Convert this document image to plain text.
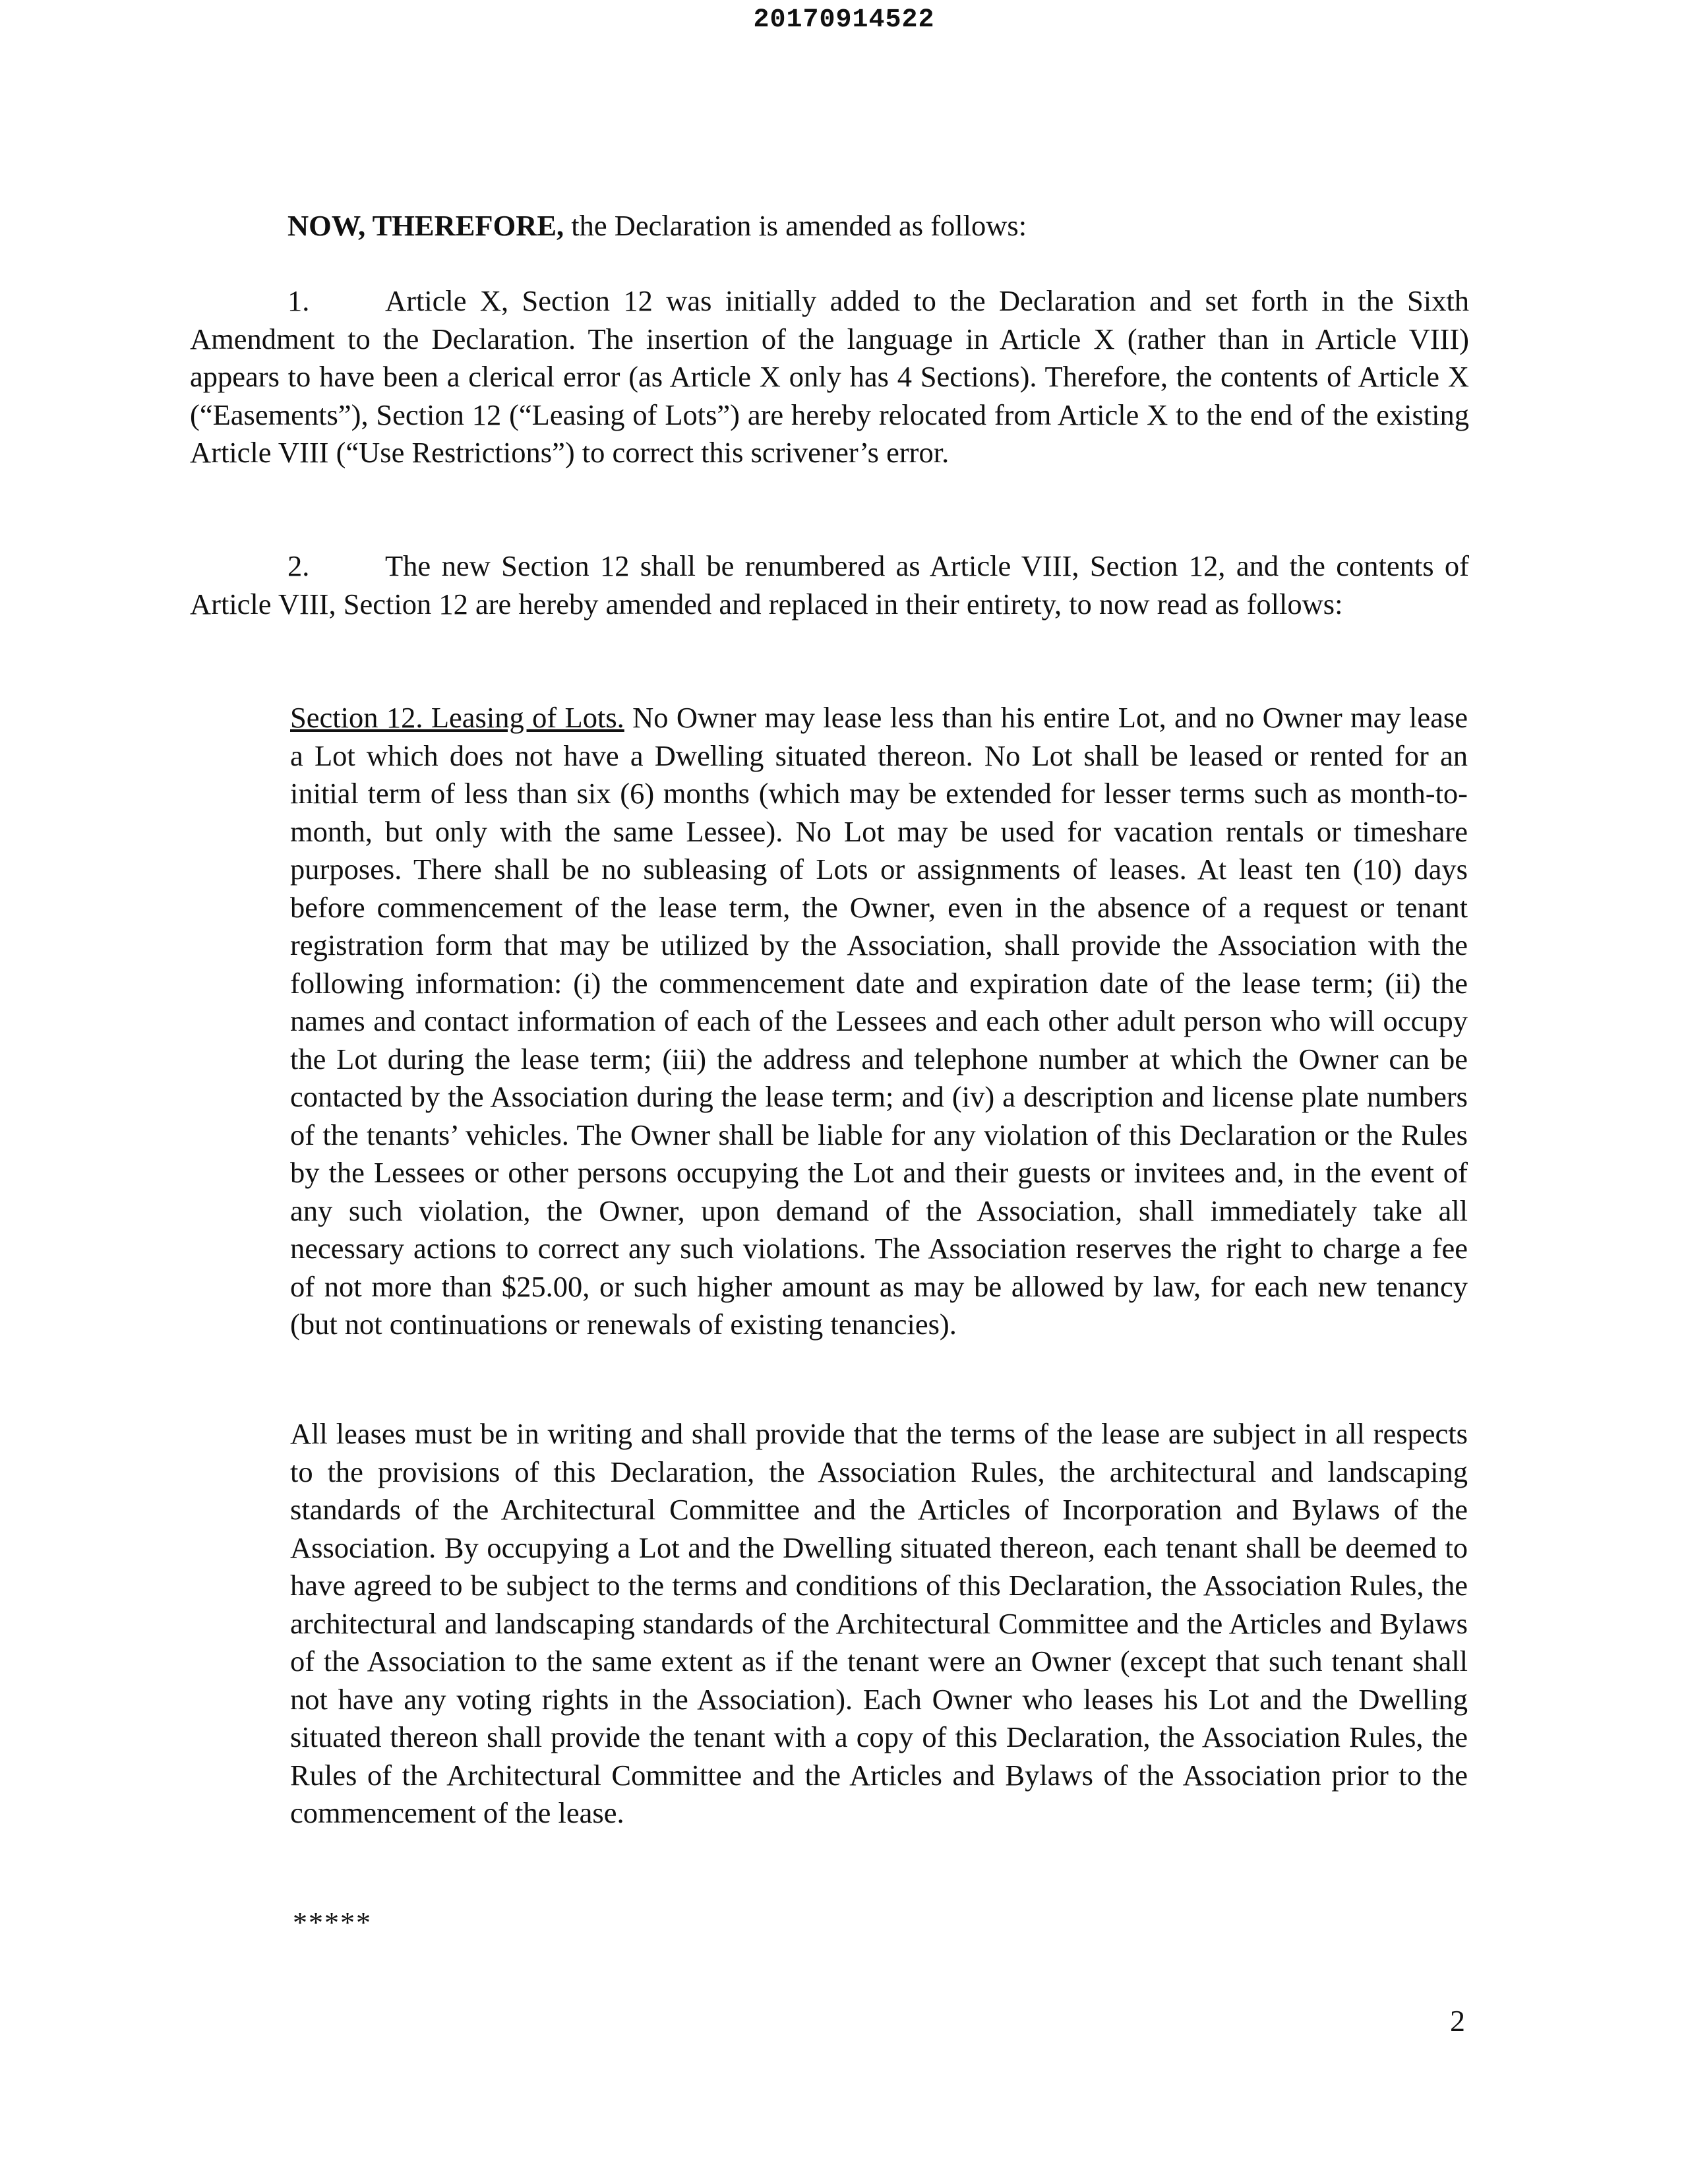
20170914522

NOW, THEREFORE, the Declaration is amended as follows:

1.	Article X, Section 12 was initially added to the Declaration and set forth in the Sixth Amendment to the Declaration. The insertion of the language in Article X (rather than in Article VIII) appears to have been a clerical error (as Article X only has 4 Sections). Therefore, the contents of Article X (“Easements”), Section 12 (“Leasing of Lots”) are hereby relocated from Article X to the end of the existing Article VIII (“Use Restrictions”) to correct this scrivener’s error.

2.	The new Section 12 shall be renumbered as Article VIII, Section 12, and the contents of Article VIII, Section 12 are hereby amended and replaced in their entirety, to now read as follows:

Section 12. Leasing of Lots. No Owner may lease less than his entire Lot, and no Owner may lease a Lot which does not have a Dwelling situated thereon. No Lot shall be leased or rented for an initial term of less than six (6) months (which may be extended for lesser terms such as month-to-month, but only with the same Lessee). No Lot may be used for vacation rentals or timeshare purposes. There shall be no subleasing of Lots or assignments of leases. At least ten (10) days before commencement of the lease term, the Owner, even in the absence of a request or tenant registration form that may be utilized by the Association, shall provide the Association with the following information: (i) the commencement date and expiration date of the lease term; (ii) the names and contact information of each of the Lessees and each other adult person who will occupy the Lot during the lease term; (iii) the address and telephone number at which the Owner can be contacted by the Association during the lease term; and (iv) a description and license plate numbers of the tenants’ vehicles. The Owner shall be liable for any violation of this Declaration or the Rules by the Lessees or other persons occupying the Lot and their guests or invitees and, in the event of any such violation, the Owner, upon demand of the Association, shall immediately take all necessary actions to correct any such violations. The Association reserves the right to charge a fee of not more than $25.00, or such higher amount as may be allowed by law, for each new tenancy (but not continuations or renewals of existing tenancies).

All leases must be in writing and shall provide that the terms of the lease are subject in all respects to the provisions of this Declaration, the Association Rules, the architectural and landscaping standards of the Architectural Committee and the Articles of Incorporation and Bylaws of the Association. By occupying a Lot and the Dwelling situated thereon, each tenant shall be deemed to have agreed to be subject to the terms and conditions of this Declaration, the Association Rules, the architectural and landscaping standards of the Architectural Committee and the Articles and Bylaws of the Association to the same extent as if the tenant were an Owner (except that such tenant shall not have any voting rights in the Association). Each Owner who leases his Lot and the Dwelling situated thereon shall provide the tenant with a copy of this Declaration, the Association Rules, the Rules of the Architectural Committee and the Articles and Bylaws of the Association prior to the commencement of the lease.

*****
2
